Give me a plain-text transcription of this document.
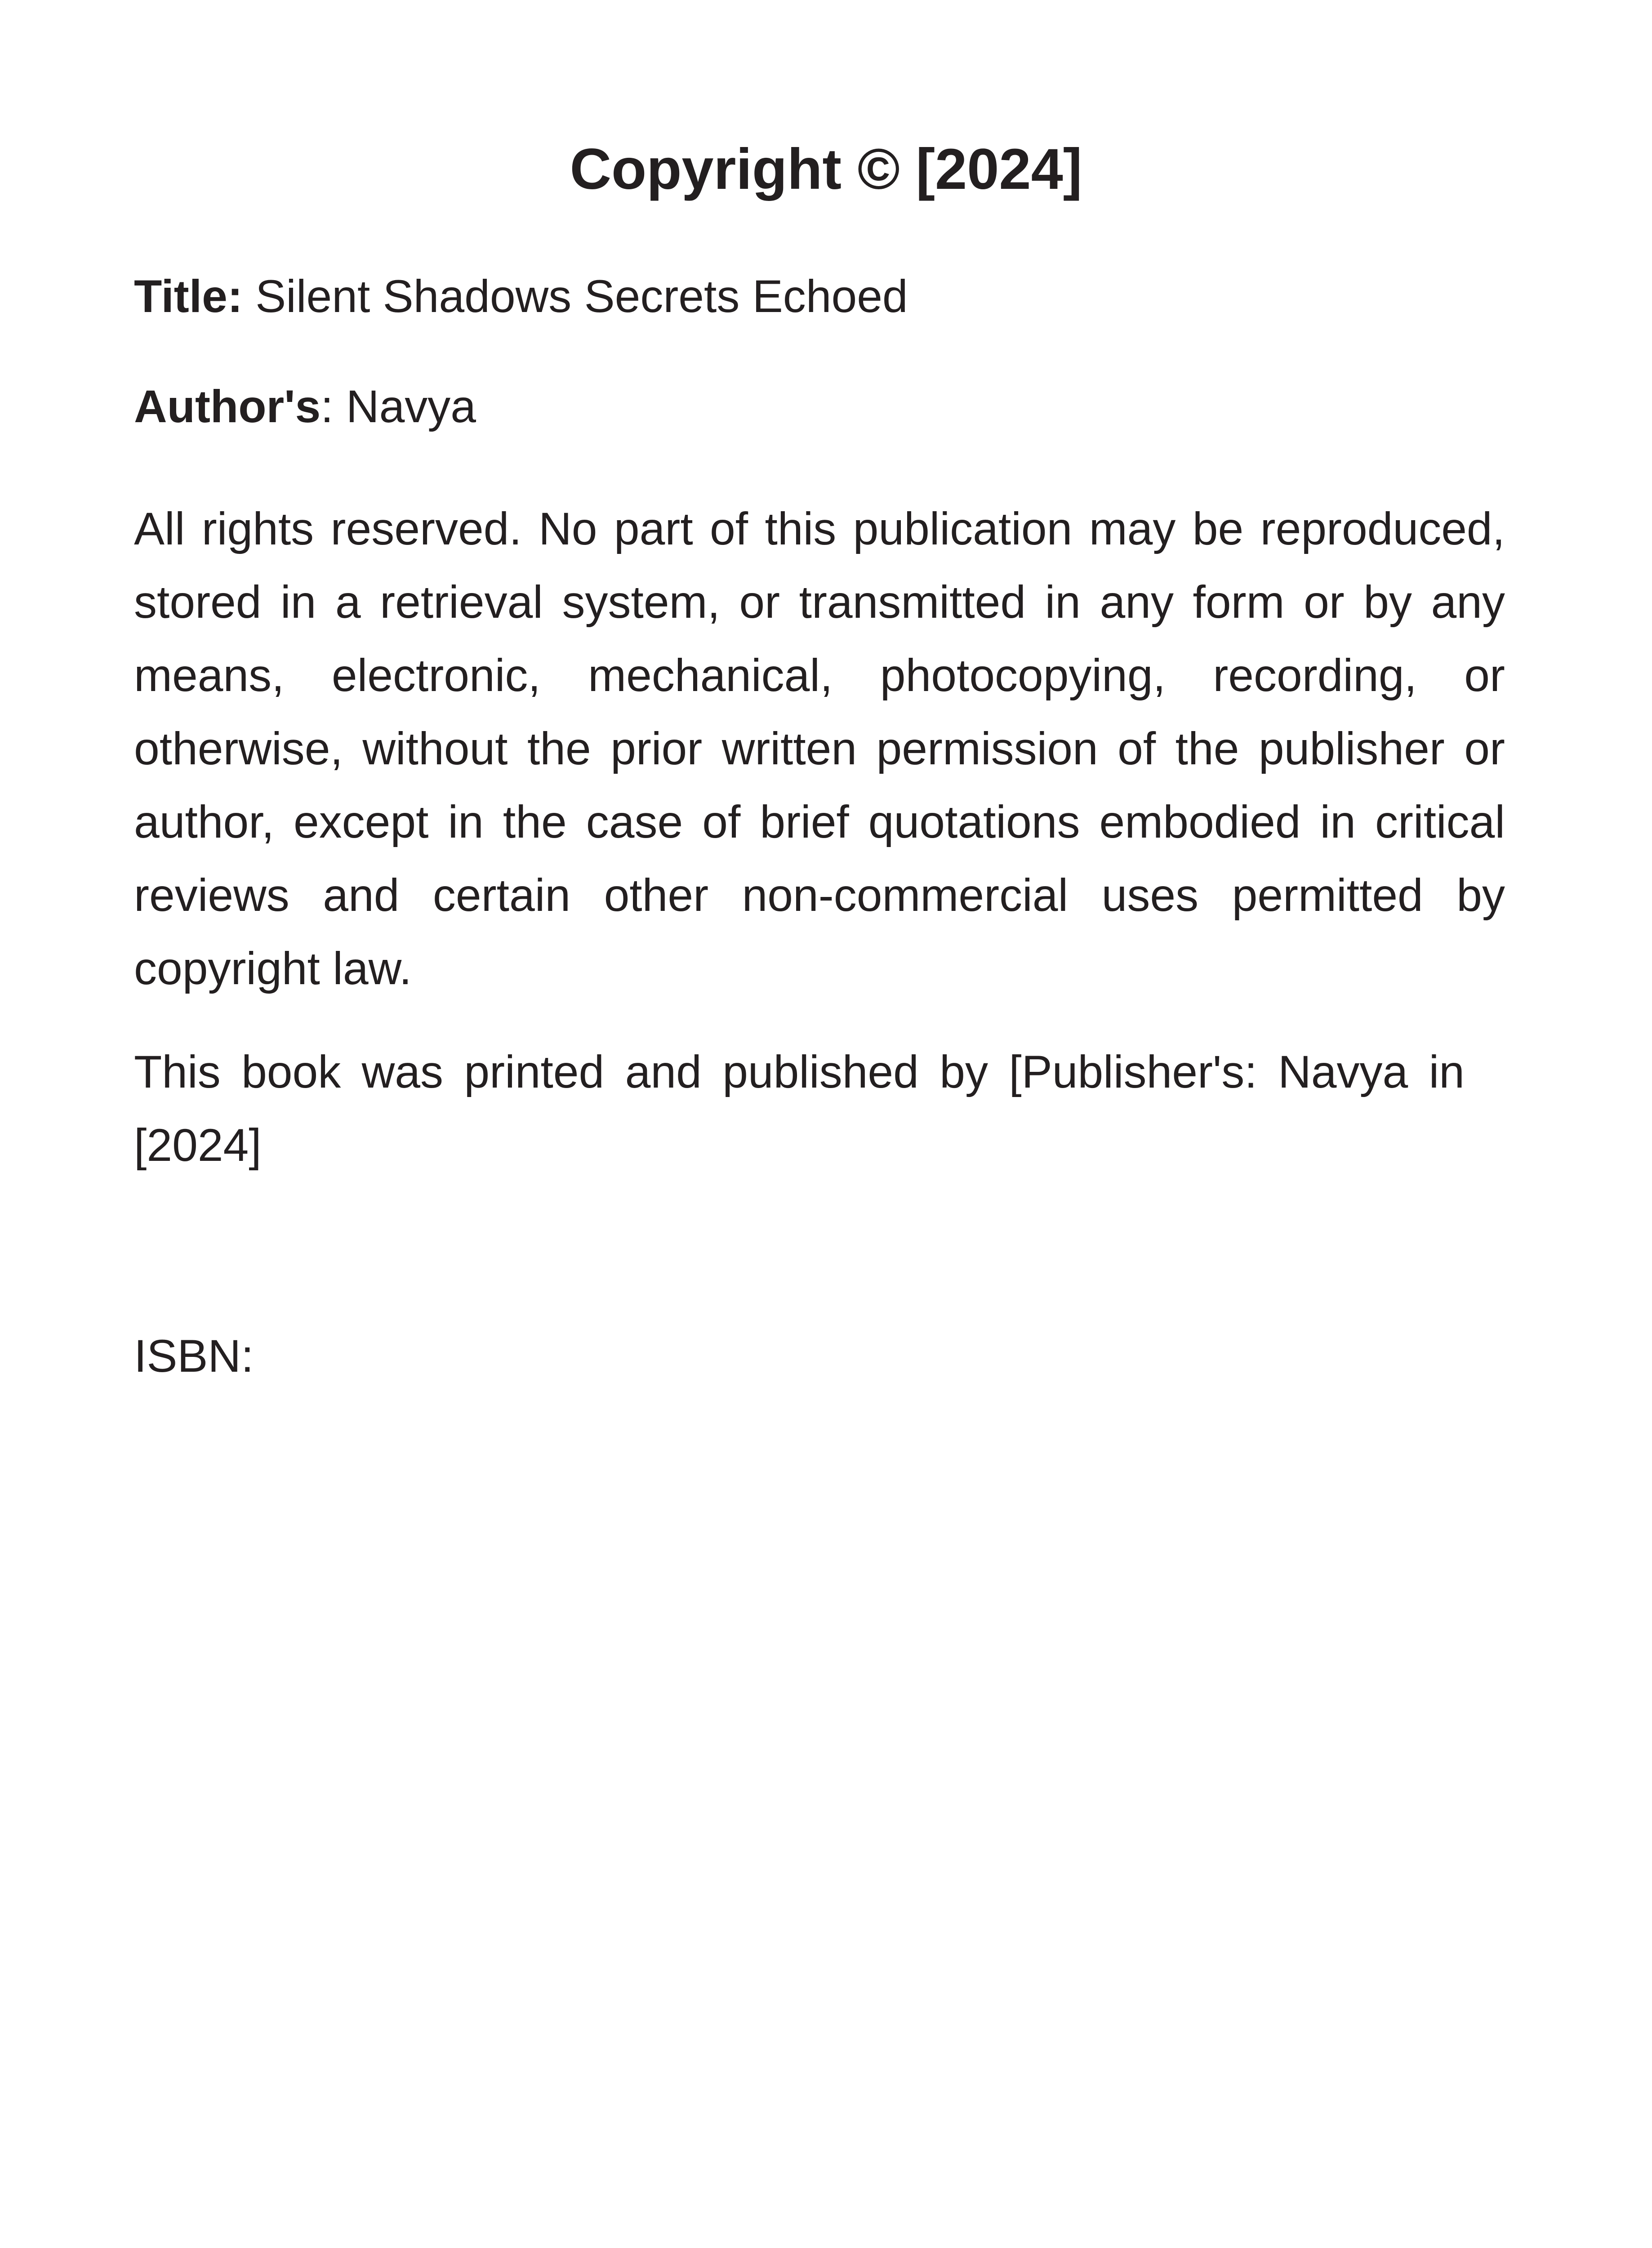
Copyright © [2024]

Title: Silent Shadows Secrets Echoed

Author's: Navya

All rights reserved. No part of this publication may be reproduced, stored in a retrieval system, or transmitted in any form or by any means, electronic, mechanical, photocopying, recording, or otherwise, without the prior written permission of the publisher or author, except in the case of brief quotations embodied in critical reviews and certain other non-commercial uses permitted by copyright law.

This book was printed and published by [Publisher's: Navya in [2024]

ISBN:
